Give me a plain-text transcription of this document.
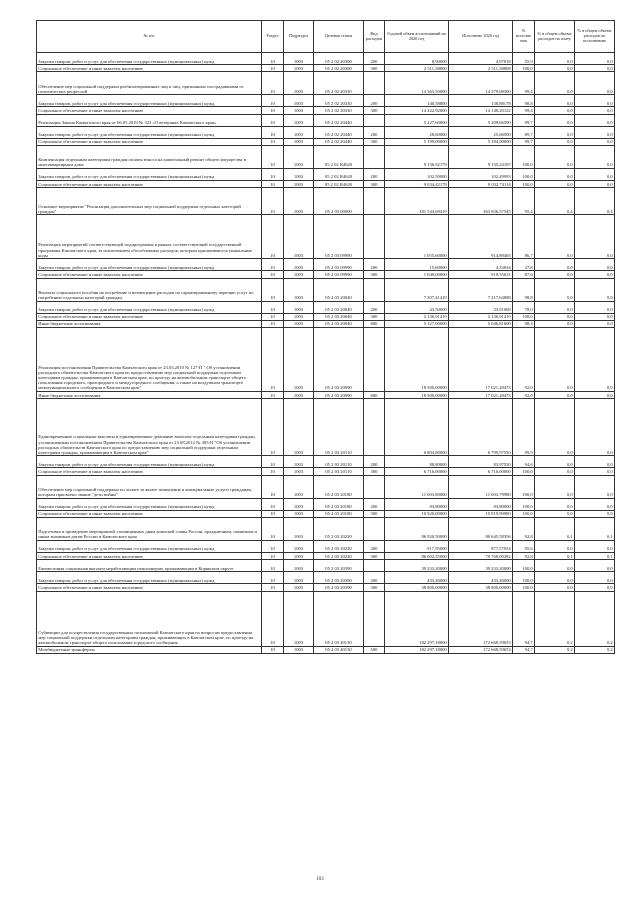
№ п/п	Раздел	Подраздел	Целевая статья	Вид расходов	Годовой объем ассигнований на 2020 год	Исполнено 2020 год	% исполне ния	% в общем объеме расходов на плату	% в общем объеме расходов по исполнению
Закупка товаров, работ и услуг для обеспечения государственных (муниципальных) нужд	10	1003	05 2 02 20300	200	8,90000	4,97818	55,9	0,0	0,0
Социальное обеспечение и иные выплаты населению	10	1003	05 2 02 20300	300	2 511,38800	2 511,38808	100,0	0,0	0,0
Обеспечение мер социальной поддержки реабилитированных лиц и лиц, признанных пострадавшими от политических репрессий	10	1003	05 2 02 20330		14 363,50000	14 279,08300	99,4	0,0	0,0
Закупка товаров, работ и услуг для обеспечения государственных (муниципальных) нужд	10	1003	05 2 02 20330	200	140,58800	138,88178	98,8	0,0	0,0
Социальное обеспечение и иные выплаты населению	10	1003	05 2 02 20330	300	14 222,92000	14 140,20122	99,4	0,0	0,0
Реализация Закона Камчатского края от 06.05.2019 № 323 «О ветеранах Камчатского края»	10	1003	05 2 02 20440		5 227,60000	5 209,66500	99,7	0,0	0,0
Закупка товаров, работ и услуг для обеспечения государственных (муниципальных) нужд	10	1003	05 2 02 20440	200	28,60000	25,66500	89,7	0,0	0,0
Социальное обеспечение и иные выплаты населению	10	1003	05 2 02 20440	300	5 199,00000	5 184,00000	99,7	0,0	0,0
Компенсация отдельным категориям граждан оплаты взноса на капитальный ремонт общего имущества в многоквартирном доме	10	1003	05 2 02 R4620		9 136,92179	9 135,24107	100,0	0,0	0,0
Закупка товаров, работ и услуг для обеспечения государственных (муниципальных) нужд	10	1003	05 2 02 R4620	200	102,50000	102,49993	100,0	0,0	0,0
Социальное обеспечение и иные выплаты населению	10	1003	05 2 02 R4620	300	9 034,42179	9 032,74114	100,0	0,0	0,0
Основное мероприятие "Реализация дополнительных мер социальной поддержки отдельных категорий граждан"	10	1003	05 2 03 00000		381 544,69419	363 926,57545	95,4	0,4	0,4
Реализация мероприятий соответствующей подпрограммы в рамках соответствующей государственной программы Камчатского края, за исключением обособленных расходов, которым присваиваются уникальные коды	10	1003	05 2 03 09990		1 055,60000	914,89465	86,7	0,0	0,0
Закупка товаров, работ и услуг для обеспечения государственных (муниципальных) нужд	10	1003	05 2 03 09990	200	15,60000	4,33834	27,8	0,0	0,0
Социальное обеспечение и иные выплаты населению	10	1003	05 2 03 09990	300	1 040,00000	910,55631	87,6	0,0	0,0
Выплата социального пособия на погребение и возмещение расходов по гарантированному перечню услуг по погребению отдельных категорий граждан	10	1003	05 2 03 20040		7 307,41419	7 217,64088	98,8	0,0	0,0
Закупка товаров, работ и услуг для обеспечения государственных (муниципальных) нужд	10	1003	05 2 03 20040	200	43,50000	33,91069	78,0	0,0	0,0
Социальное обеспечение и иные выплаты населению	10	1003	05 2 03 20040	300	2 136,91419	2 136,91419	100,0	0,0	0,0
Иные бюджетные ассигнования	10	1003	05 2 03 20040	800	5 127,00000	5 046,81600	98,4	0,0	0,0
Реализация постановления Правительства Камчатского края от 23.03.2010 № 127-П " Об установлении расходного обязательства Камчатского края по предоставлению мер социальной поддержки отдельным категориям граждан, проживающим в Камчатском крае, по проезду на автомобильном транспорте общего пользования городского, пригородного и междугородного сообщения, а также на воздушном транспорте межмуниципального сообщения в Камчатском крае"	10	1003	05 2 03 20090		18 500,00000	17 021,28473	92,0	0,0	0,0
Иные бюджетные ассигнования	10	1003	05 2 03 20090	800	18 500,00000	17 021,28473	92,0	0,0	0,0
Единовременные социальные выплаты и единовременные денежные выплаты отдельным категориям граждан, установленным постановлением Правительства Камчатского края от 23.08.2012 № 385-П "Об установлении расходных обязательств Камчатского края по предоставлению мер социальной поддержки отдельным категориям граждан, проживающим в Камчатском крае"	10	1003	05 2 03 20110		6 804,80000	6 799,97550	99,9	0,0	0,0
Закупка товаров, работ и услуг для обеспечения государственных (муниципальных) нужд	10	1003	05 2 03 20110	200	88,80000	83,97550	94,6	0,0	0,0
Социальное обеспечение и иные выплаты населению	10	1003	05 2 03 20110	300	6 716,00000	6 716,00000	100,0	0,0	0,0
Обеспечение мер социальной поддержки по оплате за жилое помещение и коммунальные услуги гражданам, которым присвоено звание "дети войны"	10	1003	05 2 03 20180		11 003,80000	11 003,79980	100,0	0,0	0,0
Закупка товаров, работ и услуг для обеспечения государственных (муниципальных) нужд	10	1003	05 2 03 20180	200	83,80000	83,80000	100,0	0,0	0,0
Социальное обеспечение и иные выплаты населению	10	1003	05 2 03 20180	300	10 920,00000	10 919,99980	100,0	0,0	0,0
Подготовка и проведение мероприятий, посвященных дням воинской славы России, праздничным, памятным и иным значимым датам России и Камчатского края	10	1003	05 2 03 20220		86 920,50000	80 645,58356	92,8	0,1	0,1
Закупка товаров, работ и услуг для обеспечения государственных (муниципальных) нужд	10	1003	05 2 03 20220	200	917,95000	877,57954	95,6	0,0	0,0
Социальное обеспечение и иные выплаты населению	10	1003	05 2 03 20220	300	86 002,55000	79 768,00382	92,8	0,1	0,1
Ежемесячная социальная выплата неработающим пенсионерам, проживающим в Корякском округе	10	1003	05 2 03 20390		39 233,20000	39 233,20000	100,0	0,0	0,0
Закупка товаров, работ и услуг для обеспечения государственных (муниципальных) нужд	10	1003	05 2 03 20390	200	433,20000	433,20000	100,0	0,0	0,0
Социальное обеспечение и иные выплаты населению	10	1003	05 2 03 20390	300	38 800,00000	38 800,00000	100,0	0,0	0,0
Субвенции для осуществления государственных полномочий Камчатского края по вопросам предоставления мер социальной поддержки отдельным категориям граждан, проживающих в Камчатском крае, по проезду на автомобильном транспорте общего пользования городского сообщения	10	1003	05 2 03 40130		182 297,18000	172 668,59653	94,7	0,2	0,2
Межбюджетные трансферты	10	1003	05 2 03 40130	500	182 297,18000	172 668,59653	94,7	0,2	0,2
103
